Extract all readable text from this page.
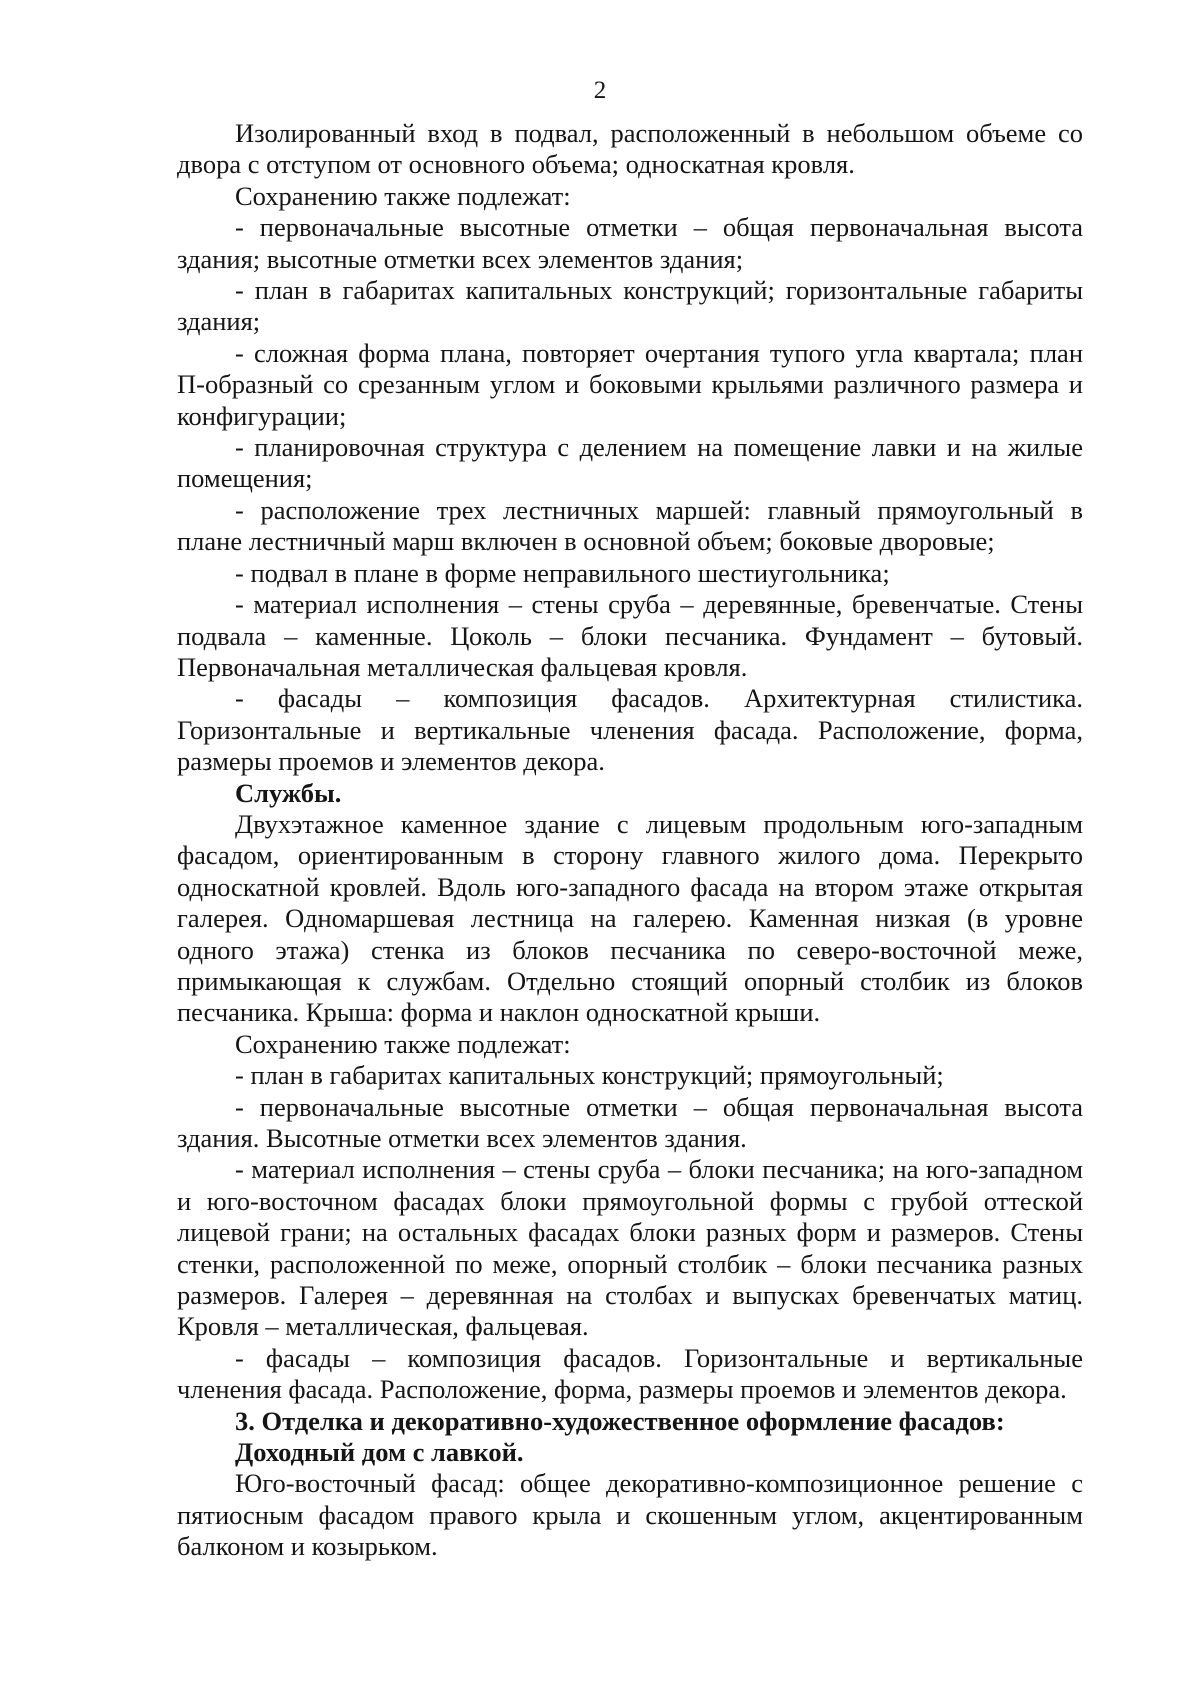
2

Изолированный вход в подвал, расположенный в небольшом объеме со двора с отступом от основного объема; односкатная кровля.

Сохранению также подлежат:

- первоначальные высотные отметки – общая первоначальная высота здания; высотные отметки всех элементов здания;

- план в габаритах капитальных конструкций; горизонтальные габариты здания;

- сложная форма плана, повторяет очертания тупого угла квартала; план П-образный со срезанным углом и боковыми крыльями различного размера и конфигурации;

- планировочная структура с делением на помещение лавки и на жилые помещения;

- расположение трех лестничных маршей: главный прямоугольный в плане лестничный марш включен в основной объем; боковые дворовые;

- подвал в плане в форме неправильного шестиугольника;

- материал исполнения – стены сруба – деревянные, бревенчатые. Стены подвала – каменные. Цоколь – блоки песчаника. Фундамент – бутовый. Первоначальная металлическая фальцевая кровля.

- фасады – композиция фасадов. Архитектурная стилистика. Горизонтальные и вертикальные членения фасада. Расположение, форма, размеры проемов и элементов декора.

Службы.

Двухэтажное каменное здание с лицевым продольным юго-западным фасадом, ориентированным в сторону главного жилого дома. Перекрыто односкатной кровлей. Вдоль юго-западного фасада на втором этаже открытая галерея. Одномаршевая лестница на галерею. Каменная низкая (в уровне одного этажа) стенка из блоков песчаника по северо-восточной меже, примыкающая к службам. Отдельно стоящий опорный столбик из блоков песчаника. Крыша: форма и наклон односкатной крыши.

Сохранению также подлежат:

- план в габаритах капитальных конструкций; прямоугольный;

- первоначальные высотные отметки – общая первоначальная высота здания. Высотные отметки всех элементов здания.

- материал исполнения – стены сруба – блоки песчаника; на юго-западном и юго-восточном фасадах блоки прямоугольной формы с грубой оттеской лицевой грани; на остальных фасадах блоки разных форм и размеров. Стены стенки, расположенной по меже, опорный столбик – блоки песчаника разных размеров. Галерея – деревянная на столбах и выпусках бревенчатых матиц. Кровля – металлическая, фальцевая.

- фасады – композиция фасадов. Горизонтальные и вертикальные членения фасада. Расположение, форма, размеры проемов и элементов декора.

3. Отделка и декоративно-художественное оформление фасадов:

Доходный дом с лавкой.

Юго-восточный фасад: общее декоративно-композиционное решение с пятиосным фасадом правого крыла и скошенным углом, акцентированным балконом и козырьком.
